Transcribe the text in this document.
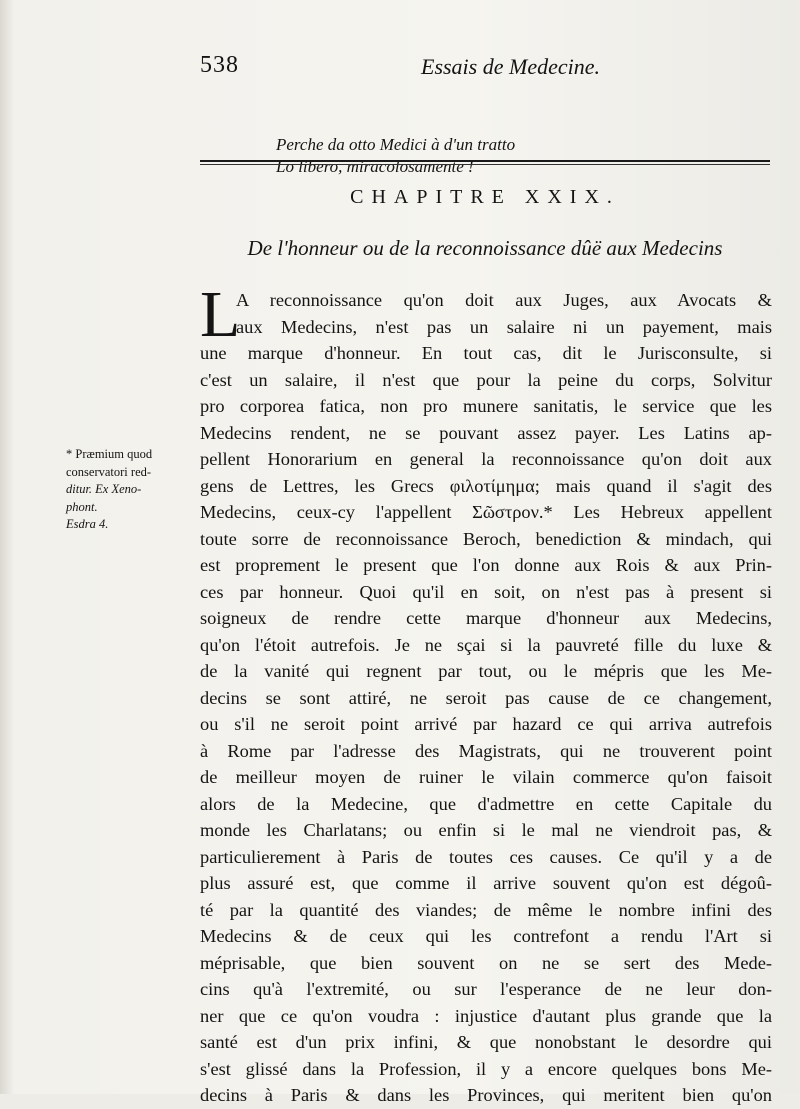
538	Essais de Medecine.
Perche da otto Medici à d'un tratto
Lo libero, miracolosamente !
CHAPITRE XXIX.
De l'honneur ou de la reconnoissance dûë aux Medecins
L
A reconnoissance qu'on doit aux Juges, aux Avocats &
aux Medecins, n'est pas un salaire ni un payement, mais
une marque d'honneur. En tout cas, dit le Jurisconsulte, si
c'est un salaire, il n'est que pour la peine du corps, Solvitur
pro corporea fatica, non pro munere sanitatis, le service que les
Medecins rendent, ne se pouvant assez payer. Les Latins ap-
pellent Honorarium en general la reconnoissance qu'on doit aux
gens de Lettres, les Grecs φιλοτίμημα; mais quand il s'agit des
Medecins, ceux-cy l'appellent Σῶστρον.* Les Hebreux appellent
toute sorre de reconnoissance Beroch, benediction & mindach, qui
est proprement le present que l'on donne aux Rois & aux Prin-
ces par honneur. Quoi qu'il en soit, on n'est pas à present si
soigneux de rendre cette marque d'honneur aux Medecins,
qu'on l'étoit autrefois. Je ne sçai si la pauvreté fille du luxe &
de la vanité qui regnent par tout, ou le mépris que les Me-
decins se sont attiré, ne seroit pas cause de ce changement,
ou s'il ne seroit point arrivé par hazard ce qui arriva autrefois
à Rome par l'adresse des Magistrats, qui ne trouverent point
de meilleur moyen de ruiner le vilain commerce qu'on faisoit
alors de la Medecine, que d'admettre en cette Capitale du
monde les Charlatans; ou enfin si le mal ne viendroit pas, &
particulierement à Paris de toutes ces causes. Ce qu'il y a de
plus assuré est, que comme il arrive souvent qu'on est dégoû-
té par la quantité des viandes; de même le nombre infini des
Medecins & de ceux qui les contrefont a rendu l'Art si
méprisable, que bien souvent on ne se sert des Mede-
cins qu'à l'extremité, ou sur l'esperance de ne leur don-
ner que ce qu'on voudra : injustice d'autant plus grande que la
santé est d'un prix infini, & que nonobstant le desordre qui
s'est glissé dans la Profession, il y a encore quelques bons Me-
decins à Paris & dans les Provinces, qui meritent bien qu'on
* Præmium quod
conservatori red-
ditur. Ex Xeno-
phont.
Esdra 4.
